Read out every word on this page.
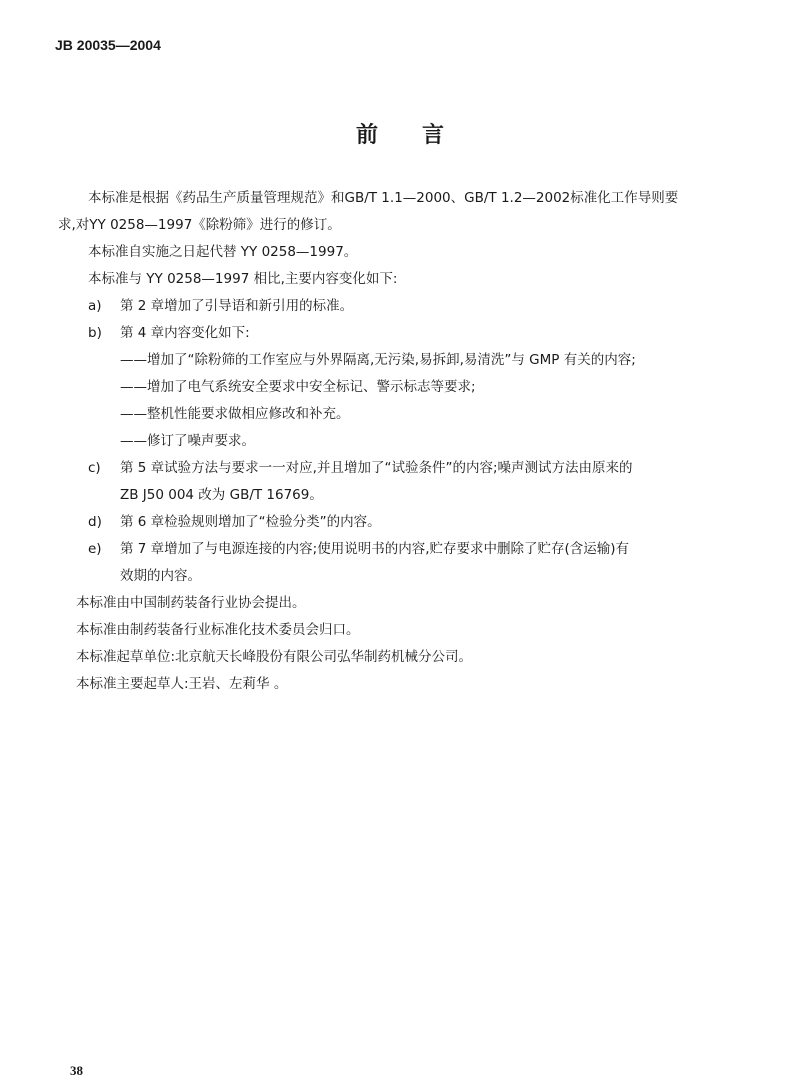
JB 20035—2004
前言
本标准是根据《药品生产质量管理规范》和GB/T 1.1—2000、GB/T 1.2—2002标准化工作导则要
求,对YY 0258—1997《除粉筛》进行的修订。
本标准自实施之日起代替 YY 0258—1997。
本标准与 YY 0258—1997 相比,主要内容变化如下:
a)	第 2 章增加了引导语和新引用的标准。
b)	第 4 章内容变化如下:
——增加了“除粉筛的工作室应与外界隔离,无污染,易拆卸,易清洗”与 GMP 有关的内容;
——增加了电气系统安全要求中安全标记、警示标志等要求;
——整机性能要求做相应修改和补充。
——修订了噪声要求。
c)	第 5 章试验方法与要求一一对应,并且增加了“试验条件”的内容;噪声测试方法由原来的
ZB J50 004 改为 GB/T 16769。
d)	第 6 章检验规则增加了“检验分类”的内容。
e)	第 7 章增加了与电源连接的内容;使用说明书的内容,贮存要求中删除了贮存(含运输)有
效期的内容。
本标准由中国制药装备行业协会提出。
本标准由制药装备行业标准化技术委员会归口。
本标准起草单位:北京航天长峰股份有限公司弘华制药机械分公司。
本标准主要起草人:王岩、左莉华 。
38
